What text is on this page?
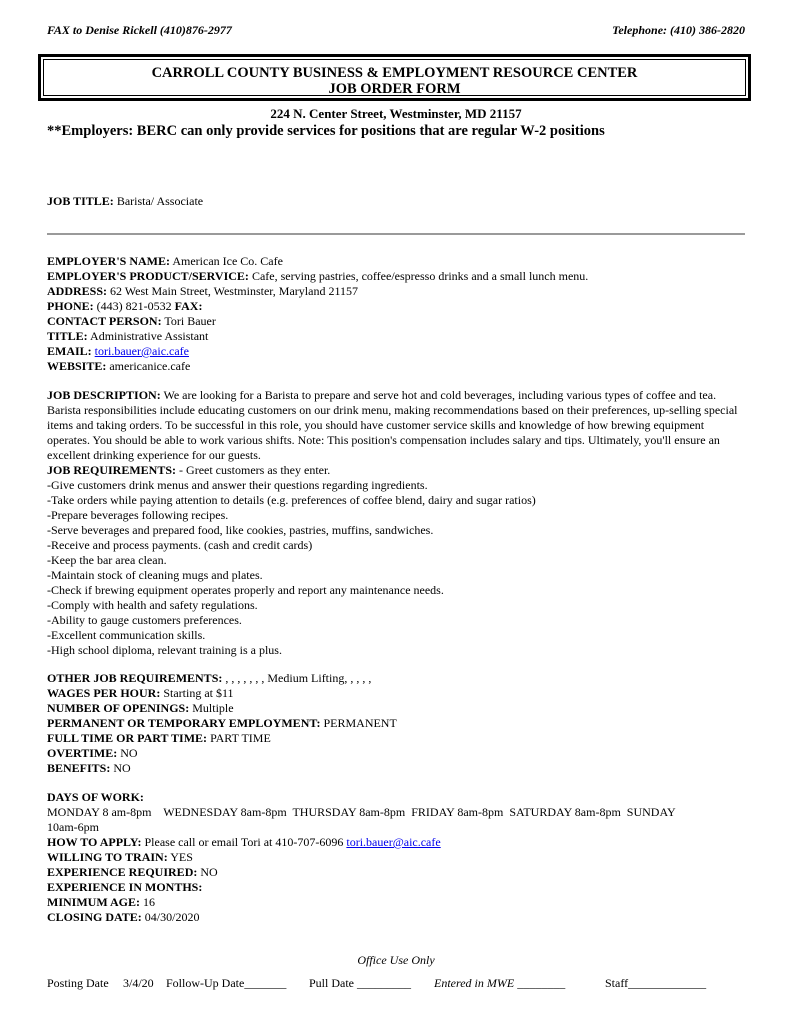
FAX to Denise Rickell (410)876-2977	Telephone: (410) 386-2820
CARROLL COUNTY BUSINESS & EMPLOYMENT RESOURCE CENTER
JOB ORDER FORM
224 N. Center Street, Westminster, MD 21157
**Employers: BERC can only provide services for positions that are regular W-2 positions
JOB TITLE: Barista/ Associate
EMPLOYER'S NAME: American Ice Co. Cafe
EMPLOYER'S PRODUCT/SERVICE: Cafe, serving pastries, coffee/espresso drinks and a small lunch menu.
ADDRESS: 62 West Main Street, Westminster, Maryland 21157
PHONE: (443) 821-0532 FAX:
CONTACT PERSON: Tori Bauer
TITLE: Administrative Assistant
EMAIL: tori.bauer@aic.cafe
WEBSITE: americanice.cafe
JOB DESCRIPTION: We are looking for a Barista to prepare and serve hot and cold beverages, including various types of coffee and tea. Barista responsibilities include educating customers on our drink menu, making recommendations based on their preferences, up-selling special items and taking orders. To be successful in this role, you should have customer service skills and knowledge of how brewing equipment operates. You should be able to work various shifts. Note: This position's compensation includes salary and tips. Ultimately, you'll ensure an excellent drinking experience for our guests.
JOB REQUIREMENTS: - Greet customers as they enter.
-Give customers drink menus and answer their questions regarding ingredients.
-Take orders while paying attention to details (e.g. preferences of coffee blend, dairy and sugar ratios)
-Prepare beverages following recipes.
-Serve beverages and prepared food, like cookies, pastries, muffins, sandwiches.
-Receive and process payments. (cash and credit cards)
-Keep the bar area clean.
-Maintain stock of cleaning mugs and plates.
-Check if brewing equipment operates properly and report any maintenance needs.
-Comply with health and safety regulations.
-Ability to gauge customers preferences.
-Excellent communication skills.
-High school diploma, relevant training is a plus.
OTHER JOB REQUIREMENTS: , , , , , , , Medium Lifting, , , , ,
WAGES PER HOUR: Starting at $11
NUMBER OF OPENINGS: Multiple
PERMANENT OR TEMPORARY EMPLOYMENT: PERMANENT
FULL TIME OR PART TIME: PART TIME
OVERTIME: NO
BENEFITS: NO
DAYS OF WORK:
MONDAY 8 am-8pm    WEDNESDAY 8am-8pm  THURSDAY 8am-8pm  FRIDAY 8am-8pm  SATURDAY 8am-8pm  SUNDAY
10am-6pm
HOW TO APPLY: Please call or email Tori at 410-707-6096 tori.bauer@aic.cafe
WILLING TO TRAIN: YES
EXPERIENCE REQUIRED: NO
EXPERIENCE IN MONTHS:
MINIMUM AGE: 16
CLOSING DATE: 04/30/2020
Office Use Only
Posting Date 3/4/20 Follow-Up Date_______ Pull Date _________ Entered in MWE ________	Staff_____________
